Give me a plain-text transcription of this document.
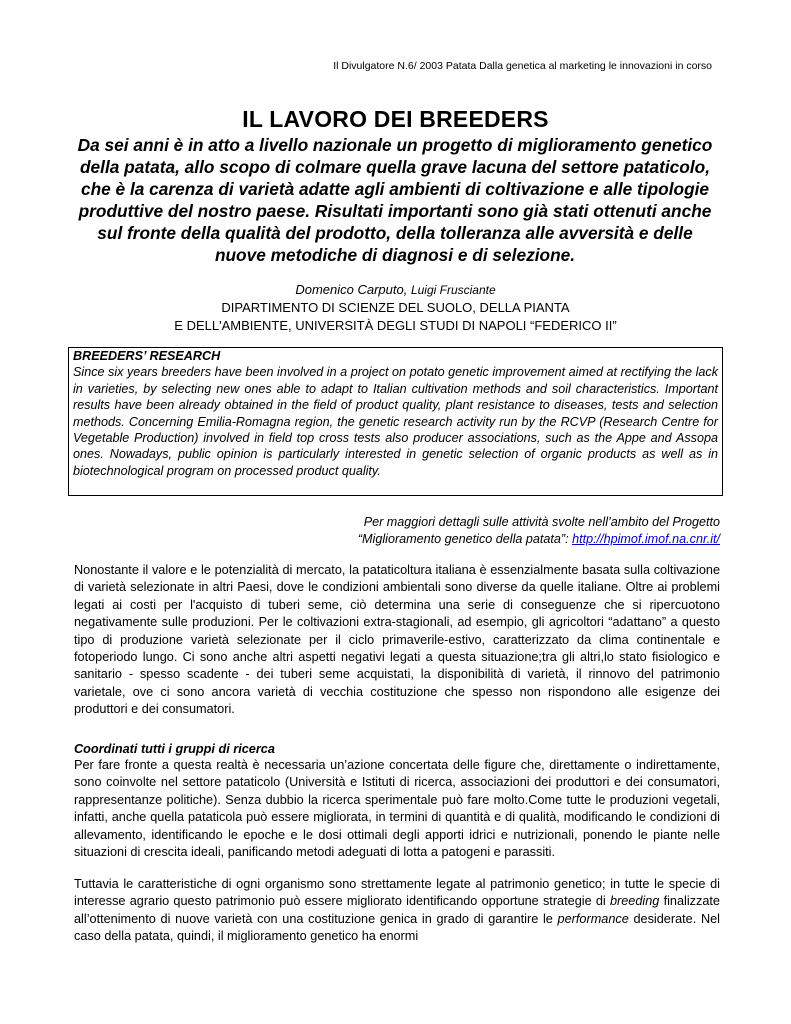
Il Divulgatore N.6/ 2003 Patata Dalla genetica al marketing le innovazioni in corso
IL LAVORO DEI BREEDERS
Da sei anni è in atto a livello nazionale un progetto di miglioramento genetico della patata, allo scopo di colmare quella grave lacuna del settore pataticolo, che è la carenza di varietà adatte agli ambienti di coltivazione e alle tipologie produttive del nostro paese. Risultati importanti sono già stati ottenuti anche sul fronte della qualità del prodotto, della tolleranza alle avversità e delle nuove metodiche di diagnosi e di selezione.
Domenico Carputo, Luigi Frusciante
DIPARTIMENTO DI SCIENZE DEL SUOLO, DELLA PIANTA
E DELL'AMBIENTE, UNIVERSITÀ DEGLI STUDI DI NAPOLI “FEDERICO II”
BREEDERS’ RESEARCH
Since six years breeders have been involved in a project on potato genetic improvement aimed at rectifying the lack in varieties, by selecting new ones able to adapt to Italian cultivation methods and soil characteristics. Important results have been already obtained in the field of product quality, plant resistance to diseases, tests and selection methods. Concerning Emilia-Romagna region, the genetic research activity run by the RCVP (Research Centre for Vegetable Production) involved in field top cross tests also producer associations, such as the Appe and Assopa ones. Nowadays, public opinion is particularly interested in genetic selection of organic products as well as in biotechnological program on processed product quality.
Per maggiori dettagli sulle attività svolte nell’ambito del Progetto
“Miglioramento genetico della patata”: http://hpimof.imof.na.cnr.it/
Nonostante il valore e le potenzialità di mercato, la pataticoltura italiana è essenzialmente basata sulla coltivazione di varietà selezionate in altri Paesi, dove le condizioni ambientali sono diverse da quelle italiane. Oltre ai problemi legati ai costi per l'acquisto di tuberi seme, ciò determina una serie di conseguenze che si ripercuotono negativamente sulle produzioni. Per le coltivazioni extra-stagionali, ad esempio, gli agricoltori “adattano” a questo tipo di produzione varietà selezionate per il ciclo primaverile-estivo, caratterizzato da clima continentale e fotoperiodo lungo. Ci sono anche altri aspetti negativi legati a questa situazione;tra gli altri,lo stato fisiologico e sanitario - spesso scadente - dei tuberi seme acquistati, la disponibilità di varietà, il rinnovo del patrimonio varietale, ove ci sono ancora varietà di vecchia costituzione che spesso non rispondono alle esigenze dei produttori e dei consumatori.
Coordinati tutti i gruppi di ricerca
Per fare fronte a questa realtà è necessaria un’azione concertata delle figure che, direttamente o indirettamente, sono coinvolte nel settore pataticolo (Università e Istituti di ricerca, associazioni dei produttori e dei consumatori, rappresentanze politiche). Senza dubbio la ricerca sperimentale può fare molto.Come tutte le produzioni vegetali, infatti, anche quella pataticola può essere migliorata, in termini di quantità e di qualità, modificando le condizioni di allevamento, identificando le epoche e le dosi ottimali degli apporti idrici e nutrizionali, ponendo le piante nelle situazioni di crescita ideali, panificando metodi adeguati di lotta a patogeni e parassiti.
Tuttavia le caratteristiche di ogni organismo sono strettamente legate al patrimonio genetico; in tutte le specie di interesse agrario questo patrimonio può essere migliorato identificando opportune strategie di breeding finalizzate all’ottenimento di nuove varietà con una costituzione genica in grado di garantire le performance desiderate. Nel caso della patata, quindi, il miglioramento genetico ha enormi
